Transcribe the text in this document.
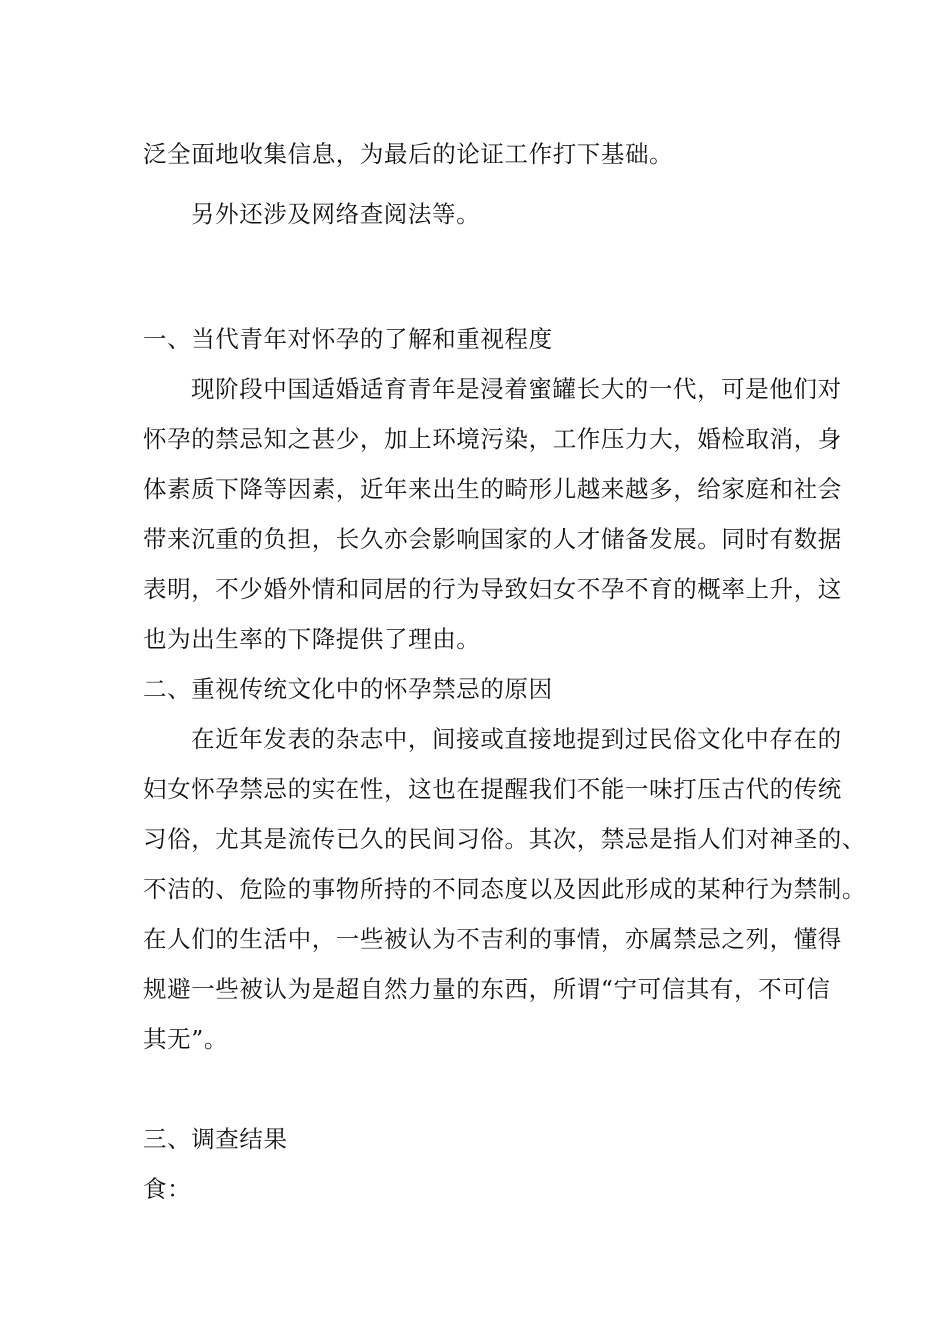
泛全面地收集信息，为最后的论证工作打下基础。
另外还涉及网络查阅法等。
一、当代青年对怀孕的了解和重视程度
现阶段中国适婚适育青年是浸着蜜罐长大的一代，可是他们对
怀孕的禁忌知之甚少，加上环境污染，工作压力大，婚检取消，身
体素质下降等因素，近年来出生的畸形儿越来越多，给家庭和社会
带来沉重的负担，长久亦会影响国家的人才储备发展。同时有数据
表明，不少婚外情和同居的行为导致妇女不孕不育的概率上升，这
也为出生率的下降提供了理由。
二、重视传统文化中的怀孕禁忌的原因
在近年发表的杂志中，间接或直接地提到过民俗文化中存在的
妇女怀孕禁忌的实在性，这也在提醒我们不能一味打压古代的传统
习俗，尤其是流传已久的民间习俗。其次，禁忌是指人们对神圣的、
不洁的、危险的事物所持的不同态度以及因此形成的某种行为禁制。
在人们的生活中，一些被认为不吉利的事情，亦属禁忌之列，懂得
规避一些被认为是超自然力量的东西，所谓“宁可信其有，不可信
其无”。
三、调查结果
食：
